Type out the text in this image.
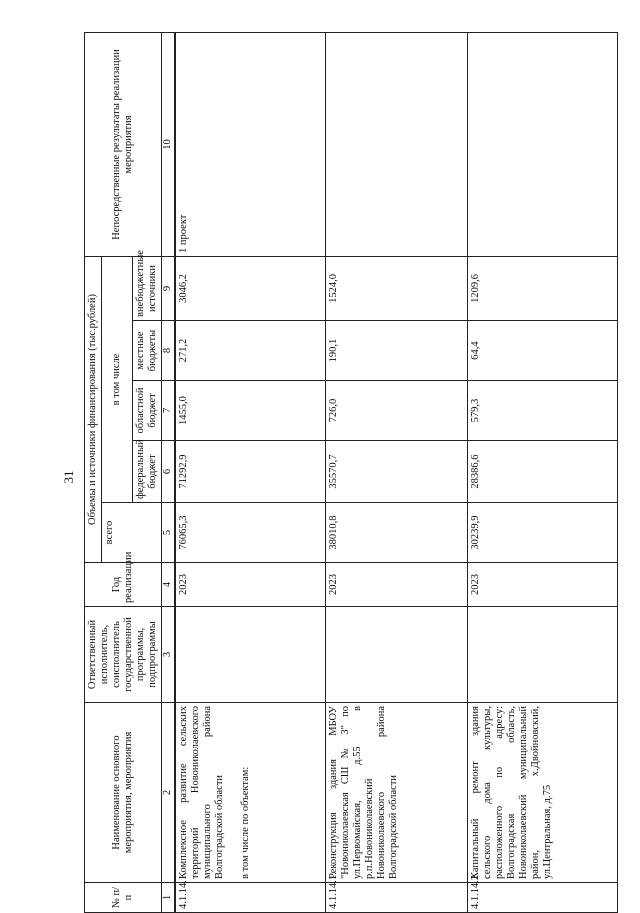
31
№ п/п	Наименование основного мероприятия, мероприятия	Ответственный исполнитель, соисполнитель государственной программы, подпрограммы	Год реализации	Объемы и источники финансирования (тыс.рублей)					Непосредственные результаты реализации мероприятия
				всего	в том числе				
					федеральный бюджет	областной бюджет	местные бюджеты	внебюджетные источники	
1	2	3	4	5	6	7	8	9	10
4.1.14.	Комплексное развитие сельских территорий Новониколаевского муниципального района Волгоградской области в том числе по объектам:		2023	76065,3	71292,9	1455,0	271,2	3046,2	1 проект
4.1.14.1.	Реконструкция здания МБОУ "Новониколаевская СШ № 3" по ул.Первомайская, д.55 в р.п.Новониколаевский Новониколаевского района Волгоградской области		2023	38010,8	35570,7	726,0	190,1	1524,0	
4.1.14.2.	Капитальный ремонт здания сельского дома культуры, расположенного по адресу: Волгоградская область, Новониколаевский муниципальный район, х.Двойновский, ул.Центральная, д.75		2023	30239,9	28386,6	579,3	64,4	1209,6	
